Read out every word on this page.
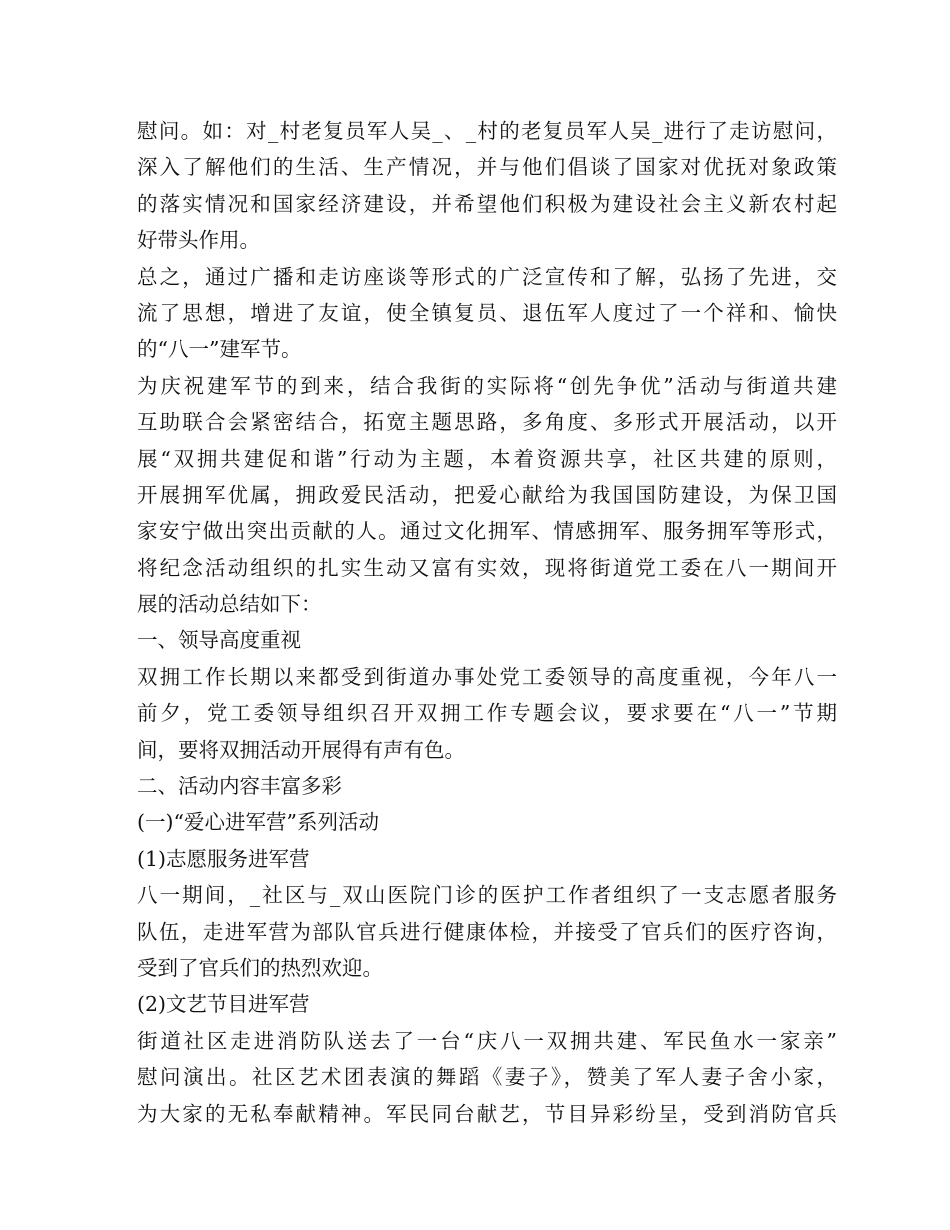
慰问。如：对_村老复员军人吴_、_村的老复员军人吴_进行了走访慰问，
深入了解他们的生活、生产情况，并与他们倡谈了国家对优抚对象政策
的落实情况和国家经济建设，并希望他们积极为建设社会主义新农村起
好带头作用。
总之，通过广播和走访座谈等形式的广泛宣传和了解，弘扬了先进，交
流了思想，增进了友谊，使全镇复员、退伍军人度过了一个祥和、愉快
的“八一”建军节。
为庆祝建军节的到来，结合我街的实际将“创先争优”活动与街道共建
互助联合会紧密结合，拓宽主题思路，多角度、多形式开展活动，以开
展“双拥共建促和谐”行动为主题，本着资源共享，社区共建的原则，
开展拥军优属，拥政爱民活动，把爱心献给为我国国防建设，为保卫国
家安宁做出突出贡献的人。通过文化拥军、情感拥军、服务拥军等形式，
将纪念活动组织的扎实生动又富有实效，现将街道党工委在八一期间开
展的活动总结如下：
一、领导高度重视
双拥工作长期以来都受到街道办事处党工委领导的高度重视，今年八一
前夕，党工委领导组织召开双拥工作专题会议，要求要在“八一”节期
间，要将双拥活动开展得有声有色。
二、活动内容丰富多彩
(一)“爱心进军营”系列活动
(1)志愿服务进军营
八一期间，_社区与_双山医院门诊的医护工作者组织了一支志愿者服务
队伍，走进军营为部队官兵进行健康体检，并接受了官兵们的医疗咨询，
受到了官兵们的热烈欢迎。
(2)文艺节目进军营
街道社区走进消防队送去了一台“庆八一双拥共建、军民鱼水一家亲”
慰问演出。社区艺术团表演的舞蹈《妻子》，赞美了军人妻子舍小家，
为大家的无私奉献精神。军民同台献艺，节目异彩纷呈，受到消防官兵
